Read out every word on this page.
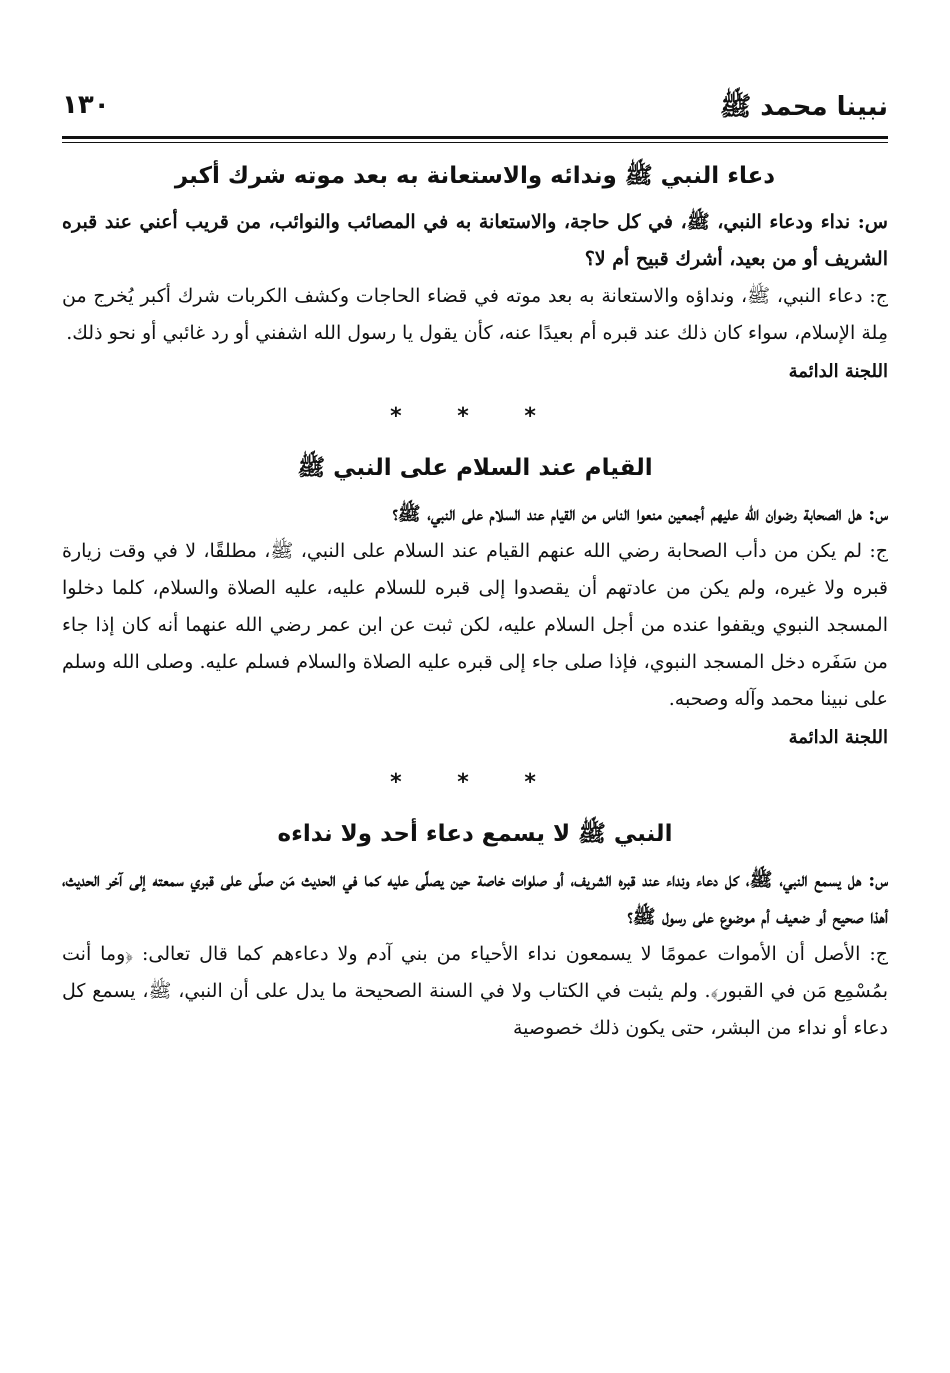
نبينا محمد ﷺ
١٣٠
دعاء النبي ﷺ وندائه والاستعانة به بعد موته شرك أكبر

س: نداء ودعاء النبي، ﷺ، في كل حاجة، والاستعانة به في المصائب والنوائب، من قريب أعني عند قبره الشريف أو من بعيد، أشرك قبيح أم لا؟

ج: دعاء النبي، ﷺ، ونداؤه والاستعانة به بعد موته في قضاء الحاجات وكشف الكربات شرك أكبر يُخرج من مِلة الإسلام، سواء كان ذلك عند قبره أم بعيدًا عنه، كأن يقول يا رسول الله اشفني أو رد غائبي أو نحو ذلك.

اللجنة الدائمة
* * *
القيام عند السلام على النبي ﷺ

س: هل الصحابة رضوان الله عليهم أجمعين منعوا الناس من القيام عند السلام على النبي، ﷺ؟

ج: لم يكن من دأب الصحابة رضي الله عنهم القيام عند السلام على النبي، ﷺ، مطلقًا، لا في وقت زيارة قبره ولا غيره، ولم يكن من عادتهم أن يقصدوا إلى قبره للسلام عليه، عليه الصلاة والسلام، كلما دخلوا المسجد النبوي ويقفوا عنده من أجل السلام عليه، لكن ثبت عن ابن عمر رضي الله عنهما أنه كان إذا جاء من سَفَره دخل المسجد النبوي، فإذا صلى جاء إلى قبره عليه الصلاة والسلام فسلم عليه. وصلى الله وسلم على نبينا محمد وآله وصحبه.

اللجنة الدائمة
* * *
النبي ﷺ لا يسمع دعاء أحد ولا نداءه

س: هل يسمع النبي، ﷺ، كل دعاء ونداء عند قبره الشريف، أو صلوات خاصة حين يصلَّى عليه كما في الحديث مَن صلّى على قبري سمعته إلى آخر الحديث، أهذا صحيح أو ضعيف أم موضوع على رسول ﷺ؟

ج: الأصل أن الأموات عمومًا لا يسمعون نداء الأحياء من بني آدم ولا دعاءهم كما قال تعالى: ﴿وما أنت بمُسْمِع مَن في القبور﴾. ولم يثبت في الكتاب ولا في السنة الصحيحة ما يدل على أن النبي، ﷺ، يسمع كل دعاء أو نداء من البشر، حتى يكون ذلك خصوصية
